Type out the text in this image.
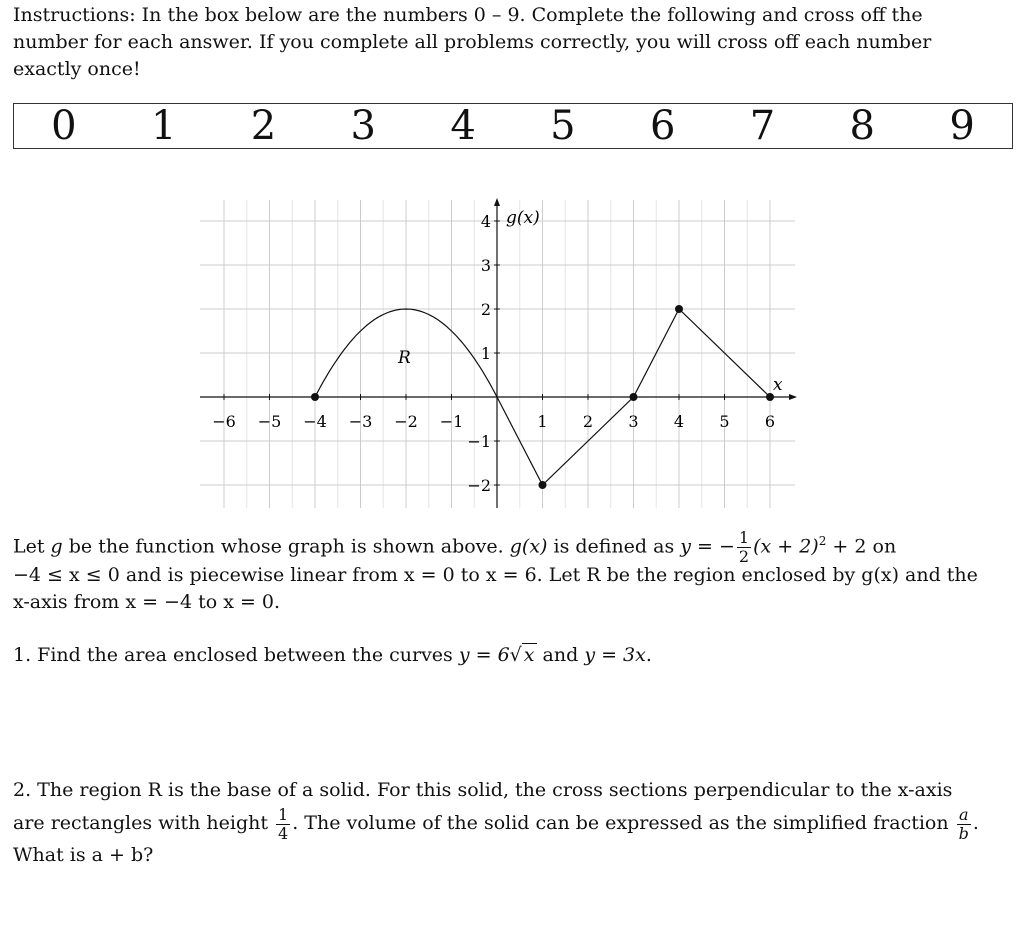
Instructions: In the box below are the numbers 0 – 9. Complete the following and cross off the
number for each answer. If you complete all problems correctly, you will cross off each number
exactly once!
0	1	2	3	4	5	6	7	8	9
−6 −5 −4 −3 −2 −1	1 2 3 4 5 6
4
3
2
1
−1
−2
g(x)
x
R
Let g be the function whose graph is shown above. g(x) is defined as y = − $\frac{1}{2} (x + 2)^2 + 2$ on
−4 ≤ x ≤ 0 and is piecewise linear from x = 0 to x = 6. Let R be the region enclosed by g(x) and the
x-axis from x = −4 to x = 0.
1. Find the area enclosed between the curves y = 6√ x and y = 3x.
2. The region R is the base of a solid. For this solid, the cross sections perpendicular to the x-axis
are rectangles with height $\frac{1}{4}$ . The volume of the solid can be expressed as the simplified fraction $\frac{a}{b}$ .
What is a + b?
